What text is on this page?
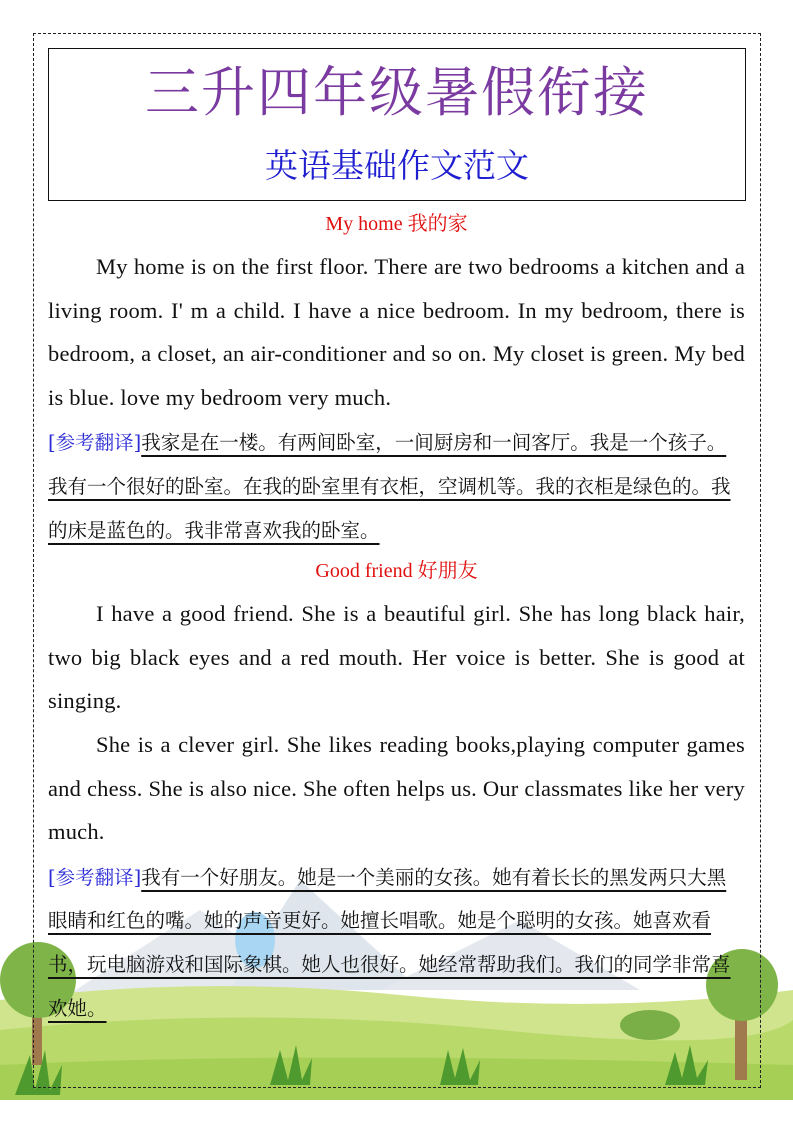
三升四年级暑假衔接
英语基础作文范文
My home 我的家

My home is on the first floor. There are two bedrooms a kitchen and a living room. I' m a child. I have a nice bedroom. In my bedroom, there is bedroom, a closet, an air-conditioner and so on. My closet is green. My bed is blue. love my bedroom very much.

[参考翻译]我家是在一楼。有两间卧室，一间厨房和一间客厅。我是一个孩子。我有一个很好的卧室。在我的卧室里有衣柜，空调机等。我的衣柜是绿色的。我的床是蓝色的。我非常喜欢我的卧室。

Good friend 好朋友

I have a good friend. She is a beautiful girl. She has long black hair, two big black eyes and a red mouth. Her voice is better. She is good at singing.

She is a clever girl. She likes reading books,playing computer games and chess. She is also nice. She often helps us. Our classmates like her very much.

[参考翻译]我有一个好朋友。她是一个美丽的女孩。她有着长长的黑发两只大黑眼睛和红色的嘴。她的声音更好。她擅长唱歌。她是个聪明的女孩。她喜欢看书，玩电脑游戏和国际象棋。她人也很好。她经常帮助我们。我们的同学非常喜欢她。
